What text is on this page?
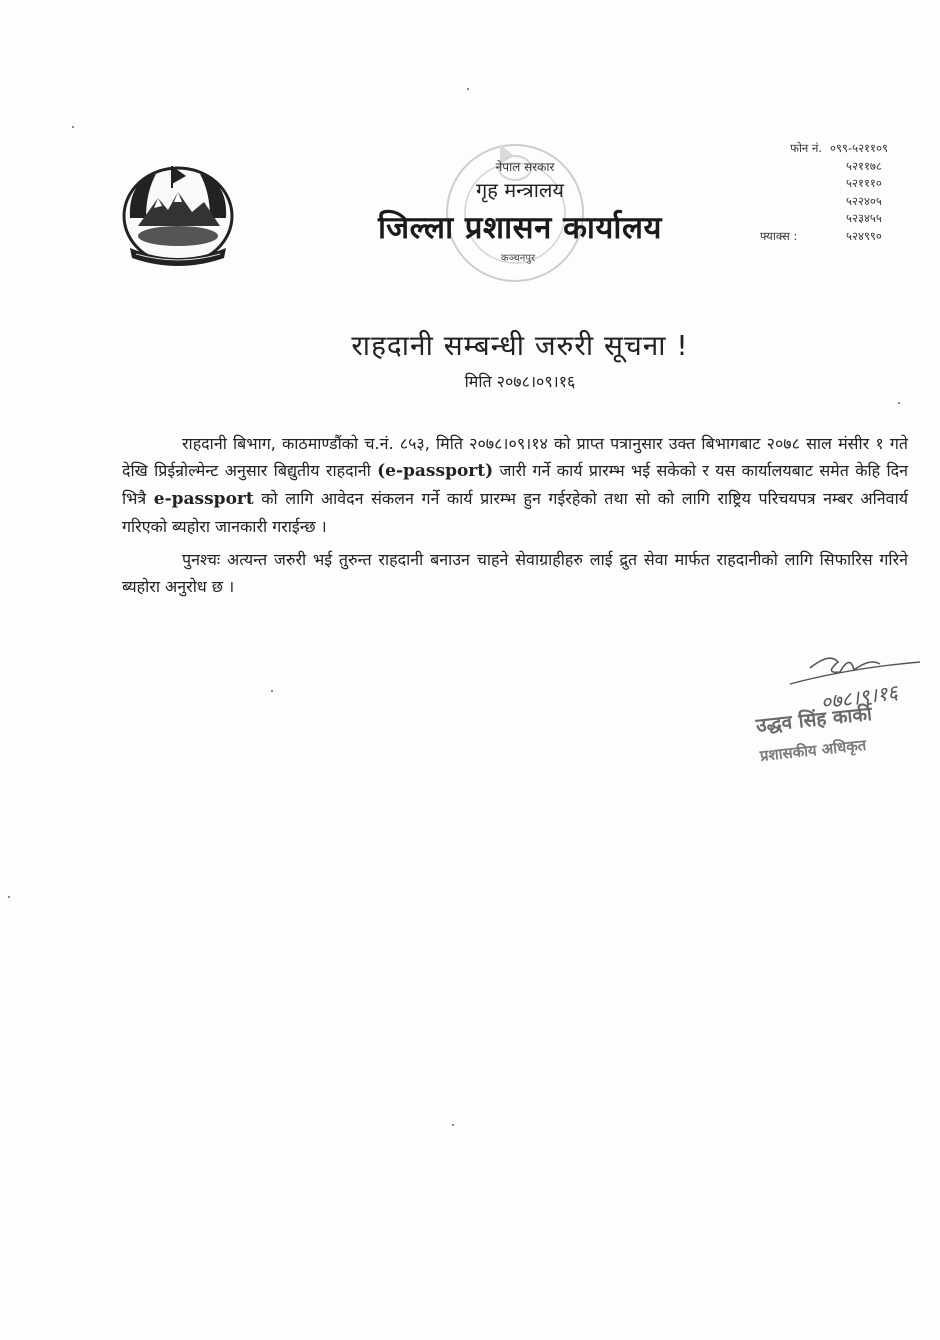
नेपाल सरकार
गृह मन्त्रालय
जिल्ला प्रशासन कार्यालय
कञ्चनपुर
फोन नं. ०९९-५२११०९
५२११७८
५२१११०
५२२४०५
५२३४५५
फ्याक्स :	५२४९९०
राहदानी सम्बन्धी जरुरी सूचना !
मिति २०७८।०९।१६

राहदानी बिभाग, काठमाण्डौंको च.नं. ८५३, मिति २०७८।०९।१४ को प्राप्त पत्रानुसार उक्त बिभागबाट २०७८ साल मंसीर १ गते देखि प्रिईन्रोल्मेन्ट अनुसार बिद्युतीय राहदानी (e-passport) जारी गर्ने कार्य प्रारम्भ भई सकेको र यस कार्यालयबाट समेत केहि दिन भित्रै e-passport को लागि आवेदन संकलन गर्ने कार्य प्रारम्भ हुन गईरहेको तथा सो को लागि राष्ट्रिय परिचयपत्र नम्बर अनिवार्य गरिएको ब्यहोरा जानकारी गराईन्छ ।

पुनश्चः अत्यन्त जरुरी भई तुरुन्त राहदानी बनाउन चाहने सेवाग्राहीहरु लाई द्रुत सेवा मार्फत राहदानीको लागि सिफारिस गरिने ब्यहोरा अनुरोध छ ।

०७८।९।१६
उद्धव सिंह कार्की
प्रशासकीय अधिकृत
